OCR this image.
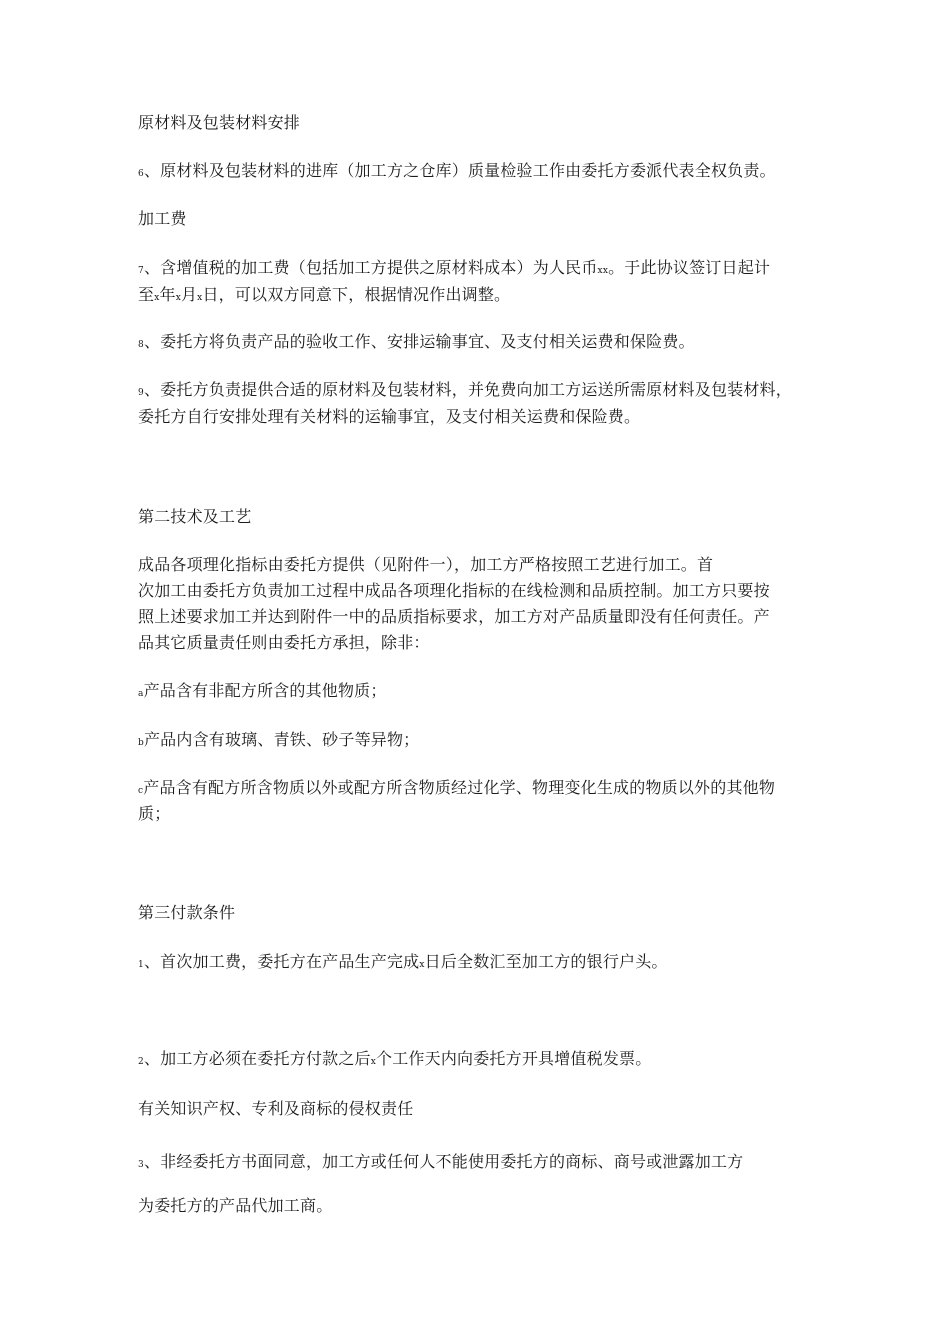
原材料及包装材料安排
6、原材料及包装材料的进库（加工方之仓库）质量检验工作由委托方委派代表全权负责。
加工费
7、含增值税的加工费（包括加工方提供之原材料成本）为人民币xx。于此协议签订日起计
至x年x月x日，可以双方同意下，根据情况作出调整。
8、委托方将负责产品的验收工作、安排运输事宜、及支付相关运费和保险费。
9、委托方负责提供合适的原材料及包装材料，并免费向加工方运送所需原材料及包装材料，
委托方自行安排处理有关材料的运输事宜，及支付相关运费和保险费。
第二技术及工艺
成品各项理化指标由委托方提供（见附件一），加工方严格按照工艺进行加工。首
次加工由委托方负责加工过程中成品各项理化指标的在线检测和品质控制。加工方只要按
照上述要求加工并达到附件一中的品质指标要求，加工方对产品质量即没有任何责任。产
品其它质量责任则由委托方承担，除非：
a产品含有非配方所含的其他物质；
b产品内含有玻璃、青铁、砂子等异物；
c产品含有配方所含物质以外或配方所含物质经过化学、物理变化生成的物质以外的其他物
质；
第三付款条件
1、首次加工费，委托方在产品生产完成x日后全数汇至加工方的银行户头。
2、加工方必须在委托方付款之后x个工作天内向委托方开具增值税发票。
有关知识产权、专利及商标的侵权责任
3、非经委托方书面同意，加工方或任何人不能使用委托方的商标、商号或泄露加工方
为委托方的产品代加工商。
